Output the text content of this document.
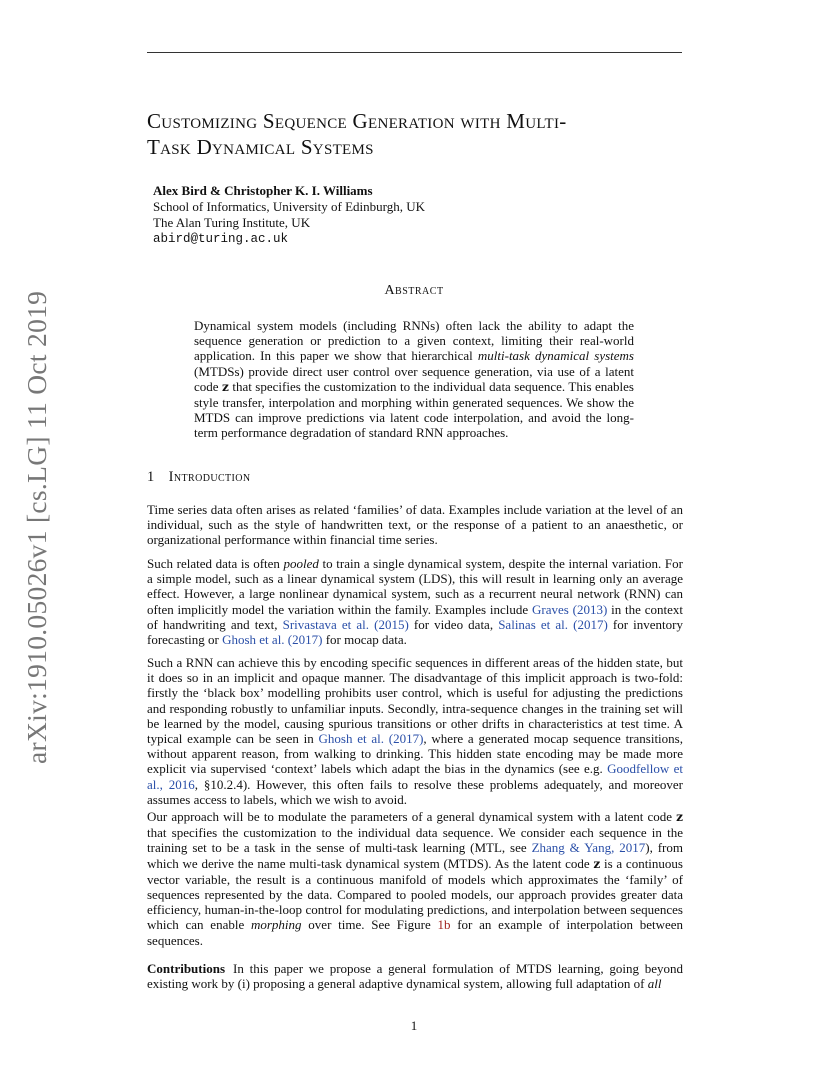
arXiv:1910.05026v1 [cs.LG] 11 Oct 2019
Customizing Sequence Generation with Multi-
Task Dynamical Systems
Alex Bird & Christopher K. I. Williams
School of Informatics, University of Edinburgh, UK
The Alan Turing Institute, UK
abird@turing.ac.uk
Abstract
Dynamical system models (including RNNs) often lack the ability to adapt the sequence generation or prediction to a given context, limiting their real-world application. In this paper we show that hierarchical multi-task dynamical systems (MTDSs) provide direct user control over sequence generation, via use of a latent code z that specifies the customization to the individual data sequence. This enables style transfer, interpolation and morphing within generated sequences. We show the MTDS can improve predictions via latent code interpolation, and avoid the long-term performance degradation of standard RNN approaches.
1 Introduction
Time series data often arises as related ‘families’ of data. Examples include variation at the level of an individual, such as the style of handwritten text, or the response of a patient to an anaesthetic, or organizational performance within financial time series.
Such related data is often pooled to train a single dynamical system, despite the internal variation. For a simple model, such as a linear dynamical system (LDS), this will result in learning only an average effect. However, a large nonlinear dynamical system, such as a recurrent neural network (RNN) can often implicitly model the variation within the family. Examples include Graves (2013) in the context of handwriting and text, Srivastava et al. (2015) for video data, Salinas et al. (2017) for inventory forecasting or Ghosh et al. (2017) for mocap data.
Such a RNN can achieve this by encoding specific sequences in different areas of the hidden state, but it does so in an implicit and opaque manner. The disadvantage of this implicit approach is two-fold: firstly the ‘black box’ modelling prohibits user control, which is useful for adjusting the predictions and responding robustly to unfamiliar inputs. Secondly, intra-sequence changes in the training set will be learned by the model, causing spurious transitions or other drifts in characteristics at test time. A typical example can be seen in Ghosh et al. (2017), where a generated mocap sequence transitions, without apparent reason, from walking to drinking. This hidden state encoding may be made more explicit via supervised ‘context’ labels which adapt the bias in the dynamics (see e.g. Goodfellow et al., 2016, §10.2.4). However, this often fails to resolve these problems adequately, and moreover assumes access to labels, which we wish to avoid.
Our approach will be to modulate the parameters of a general dynamical system with a latent code z that specifies the customization to the individual data sequence. We consider each sequence in the training set to be a task in the sense of multi-task learning (MTL, see Zhang & Yang, 2017), from which we derive the name multi-task dynamical system (MTDS). As the latent code z is a continuous vector variable, the result is a continuous manifold of models which approximates the ‘family’ of sequences represented by the data. Compared to pooled models, our approach provides greater data efficiency, human-in-the-loop control for modulating predictions, and interpolation between sequences which can enable morphing over time. See Figure 1b for an example of interpolation between sequences.
Contributions In this paper we propose a general formulation of MTDS learning, going beyond existing work by (i) proposing a general adaptive dynamical system, allowing full adaptation of all
1
